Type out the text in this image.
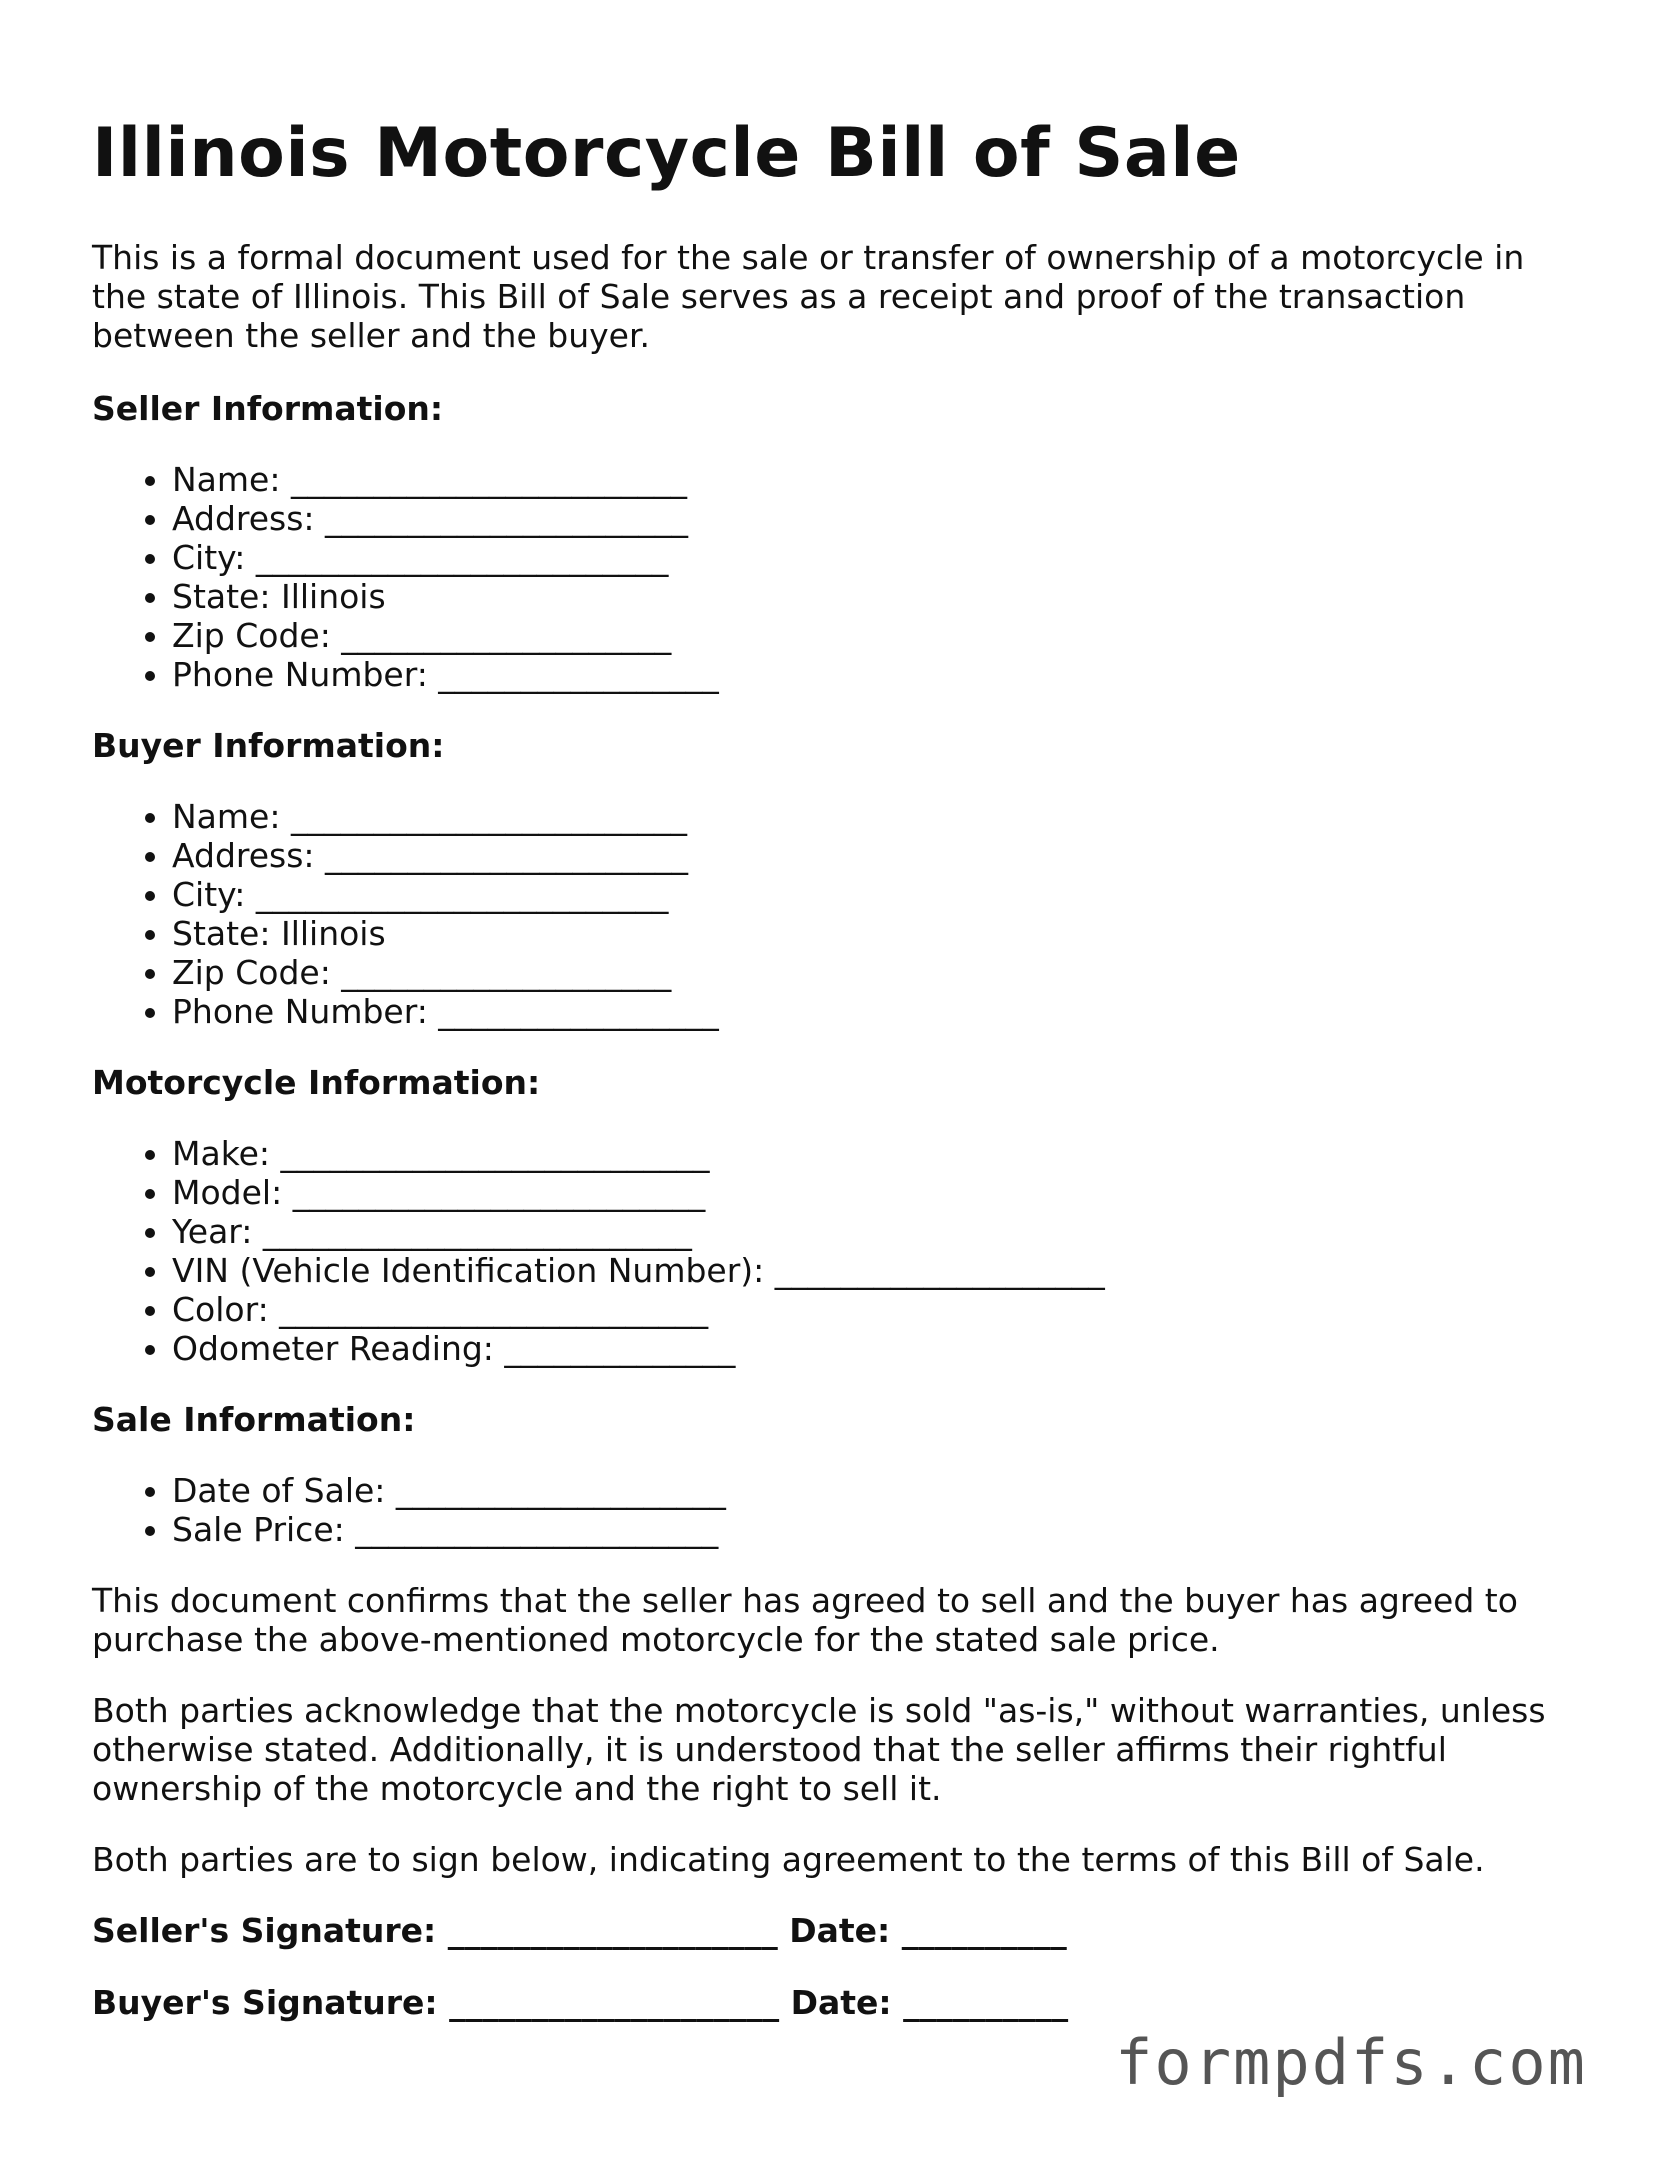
Illinois Motorcycle Bill of Sale

This is a formal document used for the sale or transfer of ownership of a motorcycle in the state of Illinois. This Bill of Sale serves as a receipt and proof of the transaction between the seller and the buyer.

Seller Information:
• Name: ________________________
• Address: ______________________
• City: _________________________
• State: Illinois
• Zip Code: ____________________
• Phone Number: _________________
Buyer Information:
• Name: ________________________
• Address: ______________________
• City: _________________________
• State: Illinois
• Zip Code: ____________________
• Phone Number: _________________
Motorcycle Information:
• Make: __________________________
• Model: _________________________
• Year: __________________________
• VIN (Vehicle Identification Number): ____________________
• Color: __________________________
• Odometer Reading: ______________
Sale Information:
• Date of Sale: ____________________
• Sale Price: ______________________

This document confirms that the seller has agreed to sell and the buyer has agreed to purchase the above-mentioned motorcycle for the stated sale price.

Both parties acknowledge that the motorcycle is sold "as-is," without warranties, unless otherwise stated. Additionally, it is understood that the seller affirms their rightful ownership of the motorcycle and the right to sell it.

Both parties are to sign below, indicating agreement to the terms of this Bill of Sale.

Seller's Signature: ____________________ Date: __________
Buyer's Signature: ____________________ Date: __________
formpdfs.com
